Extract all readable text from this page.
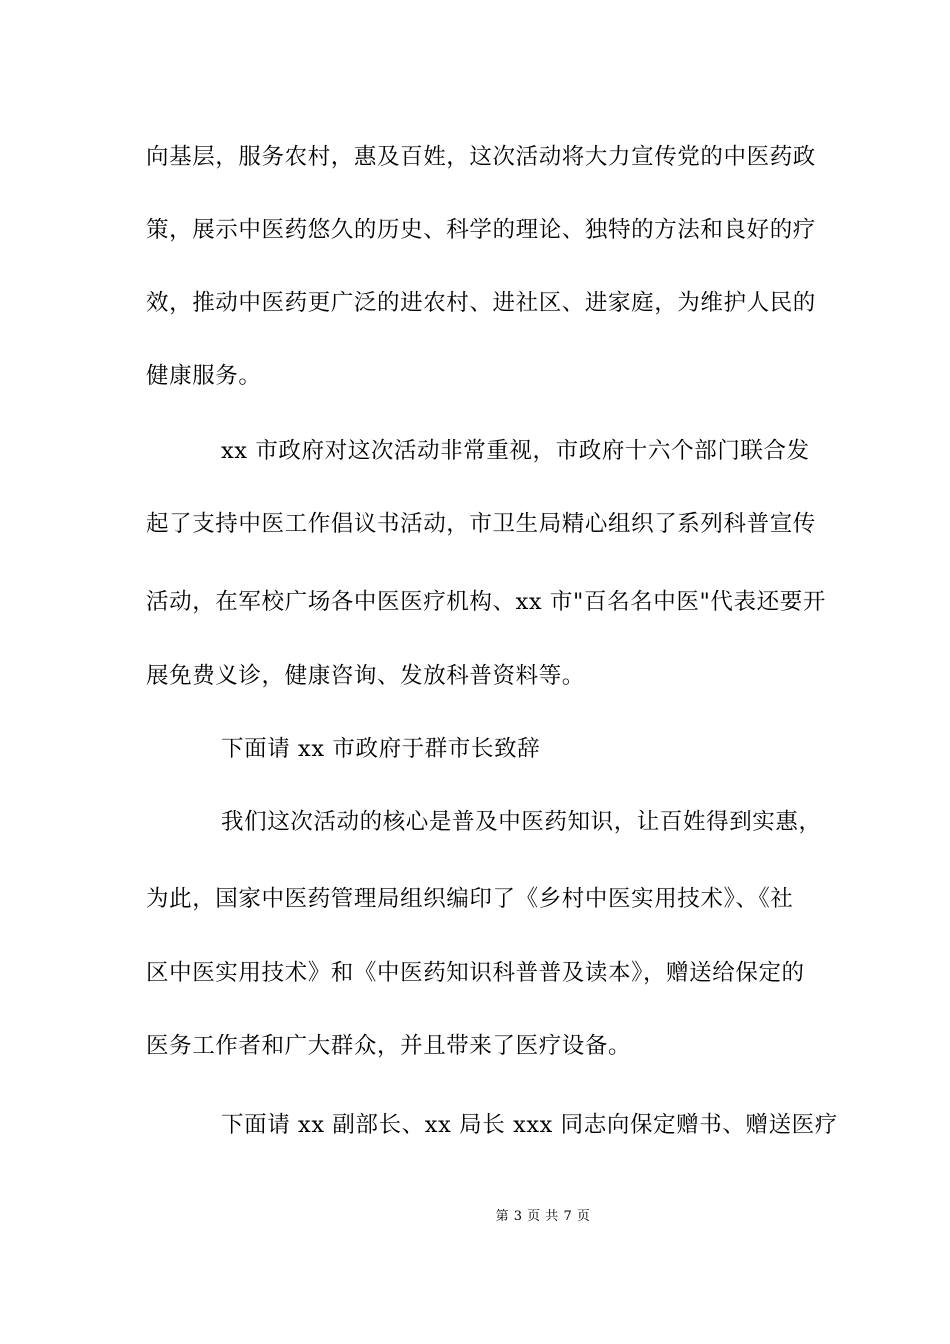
向基层，服务农村，惠及百姓，这次活动将大力宣传党的中医药政
策，展示中医药悠久的历史、科学的理论、独特的方法和良好的疗
效，推动中医药更广泛的进农村、进社区、进家庭，为维护人民的
健康服务。
xx 市政府对这次活动非常重视，市政府十六个部门联合发
起了支持中医工作倡议书活动，市卫生局精心组织了系列科普宣传
活动，在军校广场各中医医疗机构、xx 市"百名名中医"代表还要开
展免费义诊，健康咨询、发放科普资料等。
下面请 xx 市政府于群市长致辞
我们这次活动的核心是普及中医药知识，让百姓得到实惠，
为此，国家中医药管理局组织编印了《乡村中医实用技术》、《社
区中医实用技术》和《中医药知识科普普及读本》，赠送给保定的
医务工作者和广大群众，并且带来了医疗设备。
下面请 xx 副部长、xx 局长 xxx 同志向保定赠书、赠送医疗
第 3 页 共 7 页
